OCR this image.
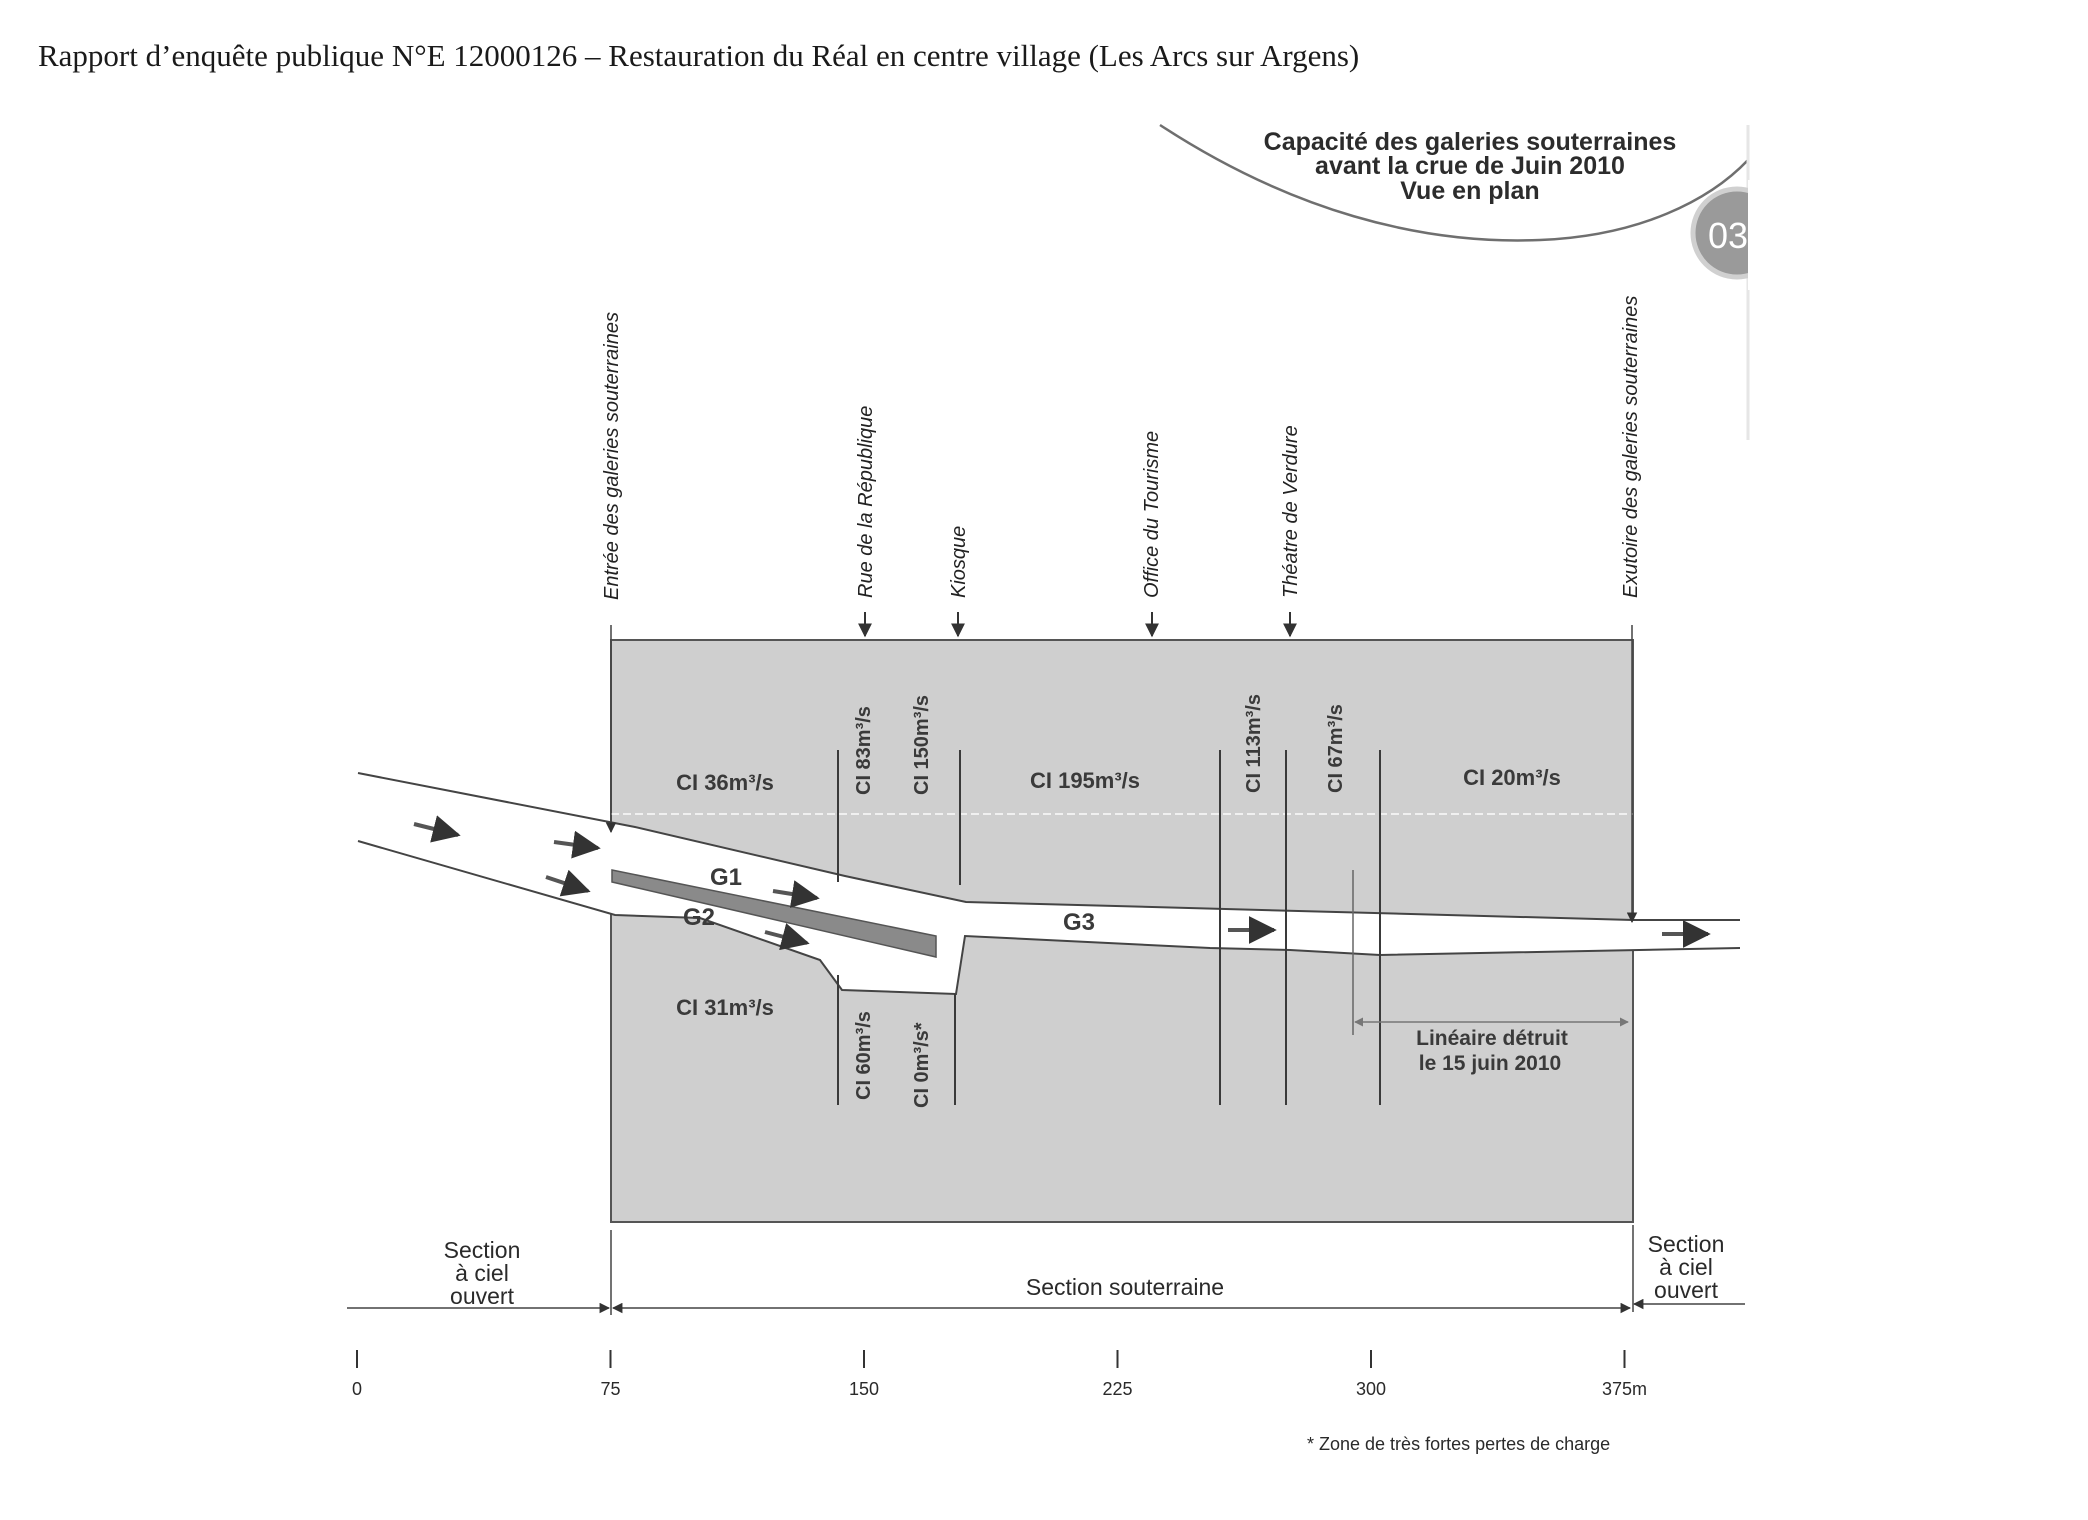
Rapport d’enquête publique N°E 12000126 – Restauration du Réal en centre village (Les Arcs sur Argens)
Capacité des galeries souterraines
avant la crue de Juin 2010
Vue en plan
03
G1
G2	G3
CI 36m³/s	CI 83m³/s CI 150m³/s	CI 195m³/s	CI 113m³/s	CI 67m³/s	CI 20m³/s
CI 31m³/s
CI 60m³/s CI 0m³/s*
Entrée des galeries souterraines	Rue de la République	Kiosque	Office du Tourisme	Théatre de Verdure	Exutoire des galeries souterraines
Linéaire détruit
le 15 juin 2010
Section
à ciel
ouvert	Section souterraine
Section
à ciel
ouvert
0	75	150	225	300	375m
* Zone de très fortes pertes de charge
